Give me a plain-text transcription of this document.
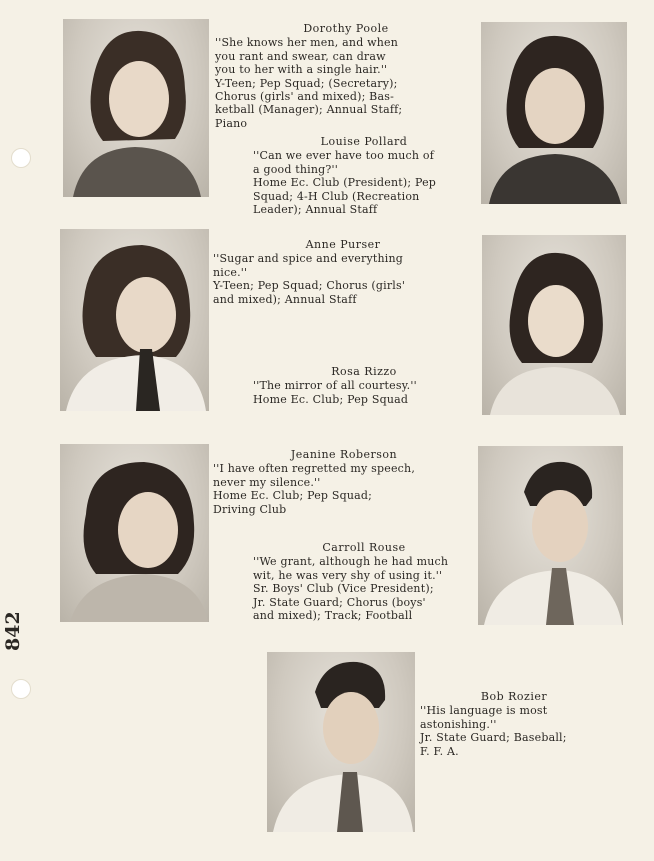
842
Dorothy Poole
''She knows her men, and when
you rant and swear, can draw
you to her with a single hair.''
Y-Teen; Pep Squad; (Secretary);
Chorus (girls' and mixed); Bas-
ketball (Manager); Annual Staff;
Piano
Louise Pollard
''Can we ever have too much of
a good thing?''
Home Ec. Club (President); Pep
Squad; 4-H Club (Recreation
Leader); Annual Staff
Anne Purser
''Sugar and spice and everything
nice.''
Y-Teen; Pep Squad; Chorus (girls'
and mixed); Annual Staff
Rosa Rizzo
''The mirror of all courtesy.''
Home Ec. Club; Pep Squad
Jeanine Roberson
''I have often regretted my speech,
never my silence.''
Home Ec. Club; Pep Squad;
Driving Club
Carroll Rouse
''We grant, although he had much
wit, he was very shy of using it.''
Sr. Boys' Club (Vice President);
Jr. State Guard; Chorus (boys'
and mixed); Track; Football
Bob Rozier
''His language is most
astonishing.''
Jr. State Guard; Baseball;
F. F. A.
